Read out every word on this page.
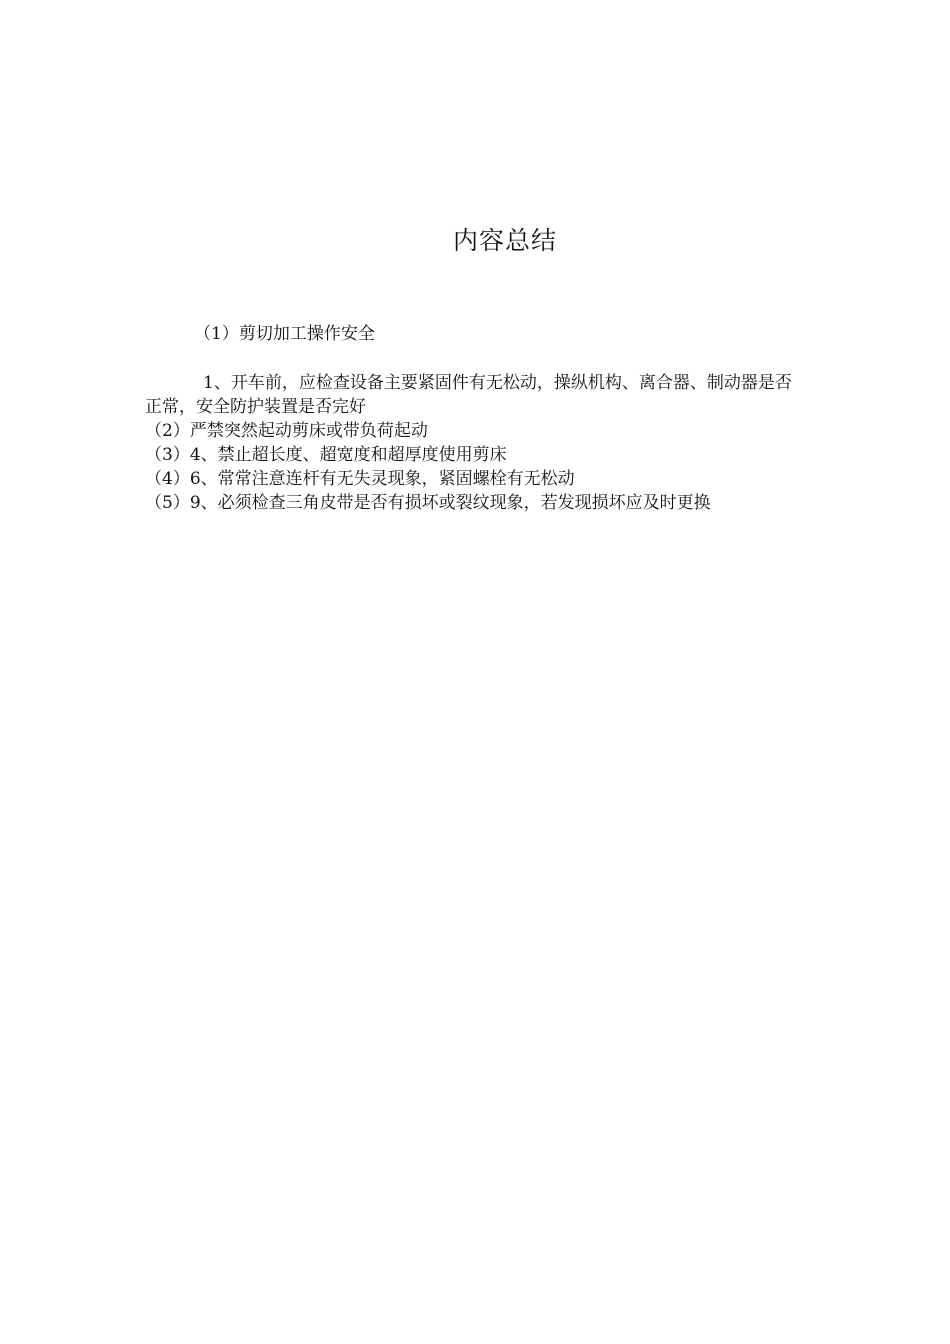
内容总结
（1）剪切加工操作安全

1、开车前，应检查设备主要紧固件有无松动，操纵机构、离合器、制动器是否正常，安全防护装置是否完好

（2）严禁突然起动剪床或带负荷起动

（3）4、禁止超长度、超宽度和超厚度使用剪床

（4）6、常常注意连杆有无失灵现象，紧固螺栓有无松动

（5）9、必须检查三角皮带是否有损坏或裂纹现象，若发现损坏应及时更换
